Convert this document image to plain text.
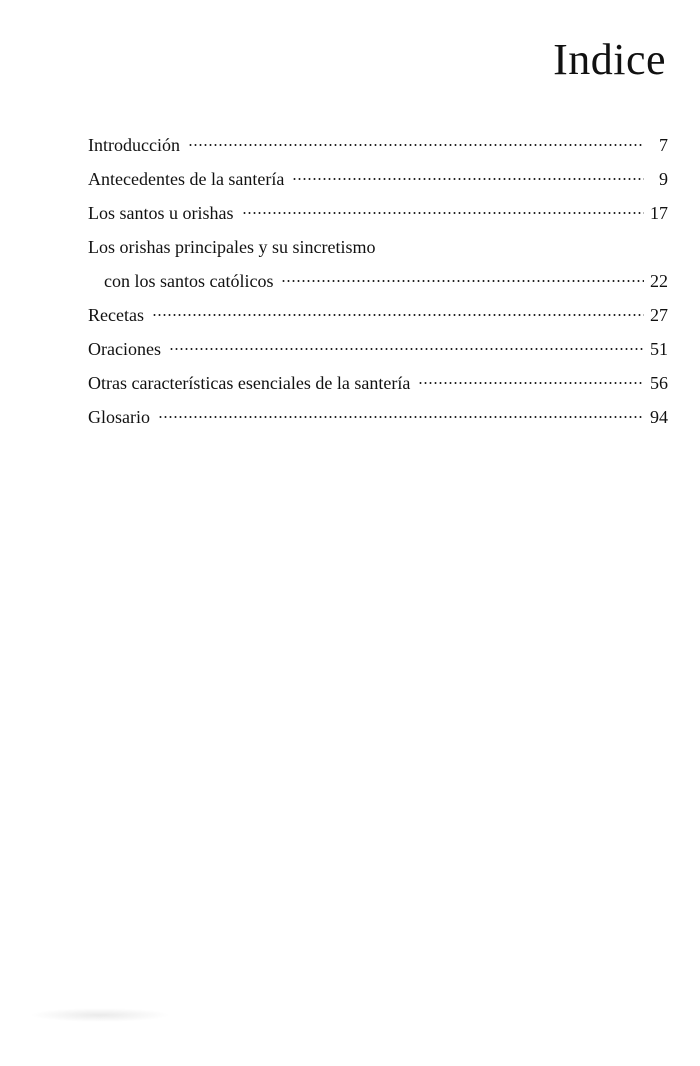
Indice
Introducción	7
Antecedentes de la santería	9
Los santos u orishas	17
Los orishas principales y su sincretismo
con los santos católicos	22
Recetas	27
Oraciones	51
Otras características esenciales de la santería	56
Glosario	94
